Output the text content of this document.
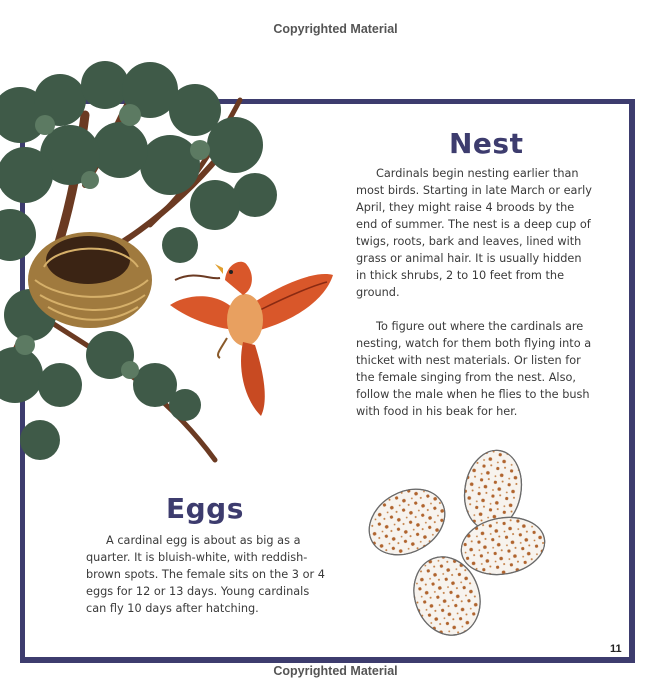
Copyrighted Material
Nest

Cardinals begin nesting earlier than most birds. Starting in late March or early April, they might raise 4 broods by the end of summer. The nest is a deep cup of twigs, roots, bark and leaves, lined with grass or animal hair. It is usually hidden in thick shrubs, 2 to 10 feet from the ground.

To figure out where the cardinals are nesting, watch for them both flying into a thicket with nest materials. Or listen for the female singing from the nest. Also, follow the male when he flies to the bush with food in his beak for her.

Eggs

A cardinal egg is about as big as a quarter. It is bluish-white, with reddish-brown spots. The female sits on the 3 or 4 eggs for 12 or 13 days. Young cardinals can fly 10 days after hatching.

11
Copyrighted Material
